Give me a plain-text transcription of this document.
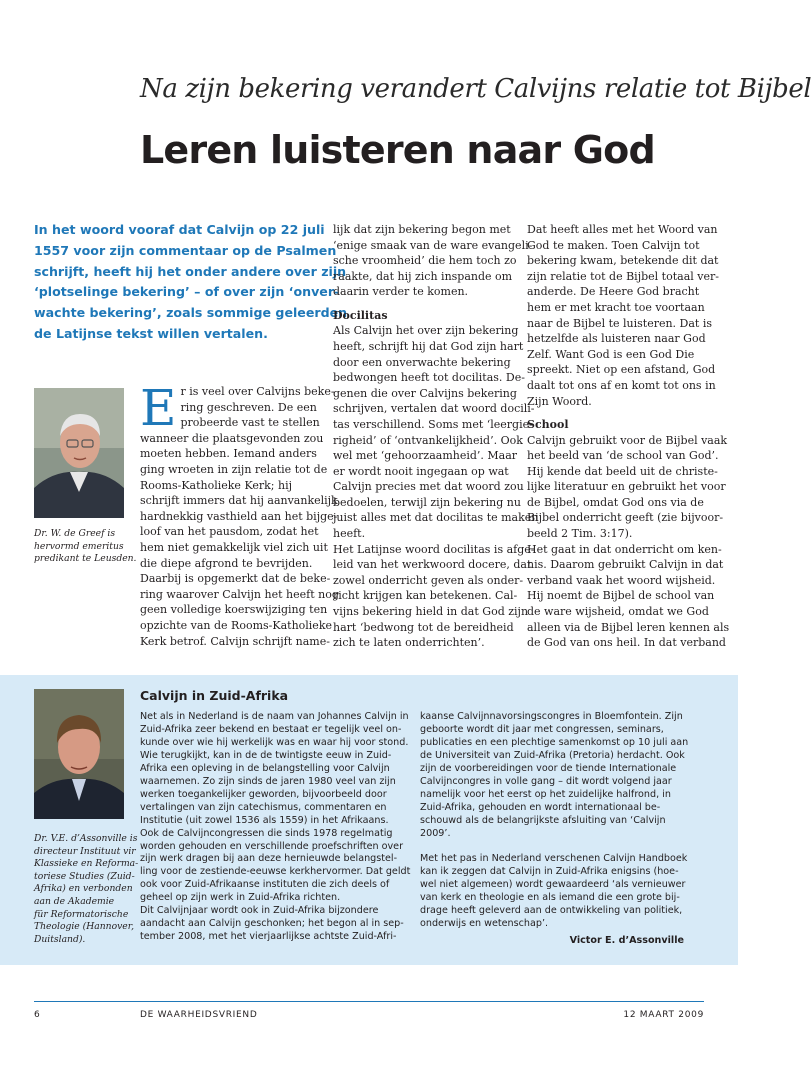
Na zijn bekering verandert Calvijns relatie tot Bijbel
Leren luisteren naar God
In het woord vooraf dat Calvijn op 22 juli
1557 voor zijn commentaar op de Psalmen
schrijft, heeft hij het onder andere over zijn
‘plotselinge bekering’ – of over zijn ‘onver-
wachte bekering’, zoals sommige geleerden
de Latijnse tekst willen vertalen.
Dr. W. de Greef is
hervormd emeritus
predikant te Leusden.
E r is veel over Calvijns beke-
ring geschreven. De een
probeerde vast te stellen
wanneer die plaatsgevonden zou
moeten hebben. Iemand anders
ging wroeten in zijn relatie tot de
Rooms-Katholieke Kerk; hij
schrijft immers dat hij aanvankelijk
hardnekkig vasthield aan het bijge-
loof van het pausdom, zodat het
hem niet gemakkelijk viel zich uit
die diepe afgrond te bevrijden.
Daarbij is opgemerkt dat de beke-
ring waarover Calvijn het heeft nog
geen volledige koerswijziging ten
opzichte van de Rooms-Katholieke
Kerk betrof. Calvijn schrijft name-
lijk dat zijn bekering begon met
‘enige smaak van de ware evangeli-
sche vroomheid’ die hem toch zo
raakte, dat hij zich inspande om
daarin verder te komen.
Docilitas
Als Calvijn het over zijn bekering
heeft, schrijft hij dat God zijn hart
door een onverwachte bekering
bedwongen heeft tot docilitas. De-
genen die over Calvijns bekering
schrijven, vertalen dat woord docili-
tas verschillend. Soms met ‘leergie-
righeid’ of ‘ontvankelijkheid’. Ook
wel met ‘gehoorzaamheid’. Maar
er wordt nooit ingegaan op wat
Calvijn precies met dat woord zou
bedoelen, terwijl zijn bekering nu
juist alles met dat docilitas te maken
heeft.
Het Latijnse woord docilitas is afge-
leid van het werkwoord docere, dat
zowel onderricht geven als onder-
richt krijgen kan betekenen. Cal-
vijns bekering hield in dat God zijn
hart ‘bedwong tot de bereidheid
zich te laten onderrichten’.
Dat heeft alles met het Woord van
God te maken. Toen Calvijn tot
bekering kwam, betekende dit dat
zijn relatie tot de Bijbel totaal ver-
anderde. De Heere God bracht
hem er met kracht toe voortaan
naar de Bijbel te luisteren. Dat is
hetzelfde als luisteren naar God
Zelf. Want God is een God Die
spreekt. Niet op een afstand, God
daalt tot ons af en komt tot ons in
Zijn Woord.
School
Calvijn gebruikt voor de Bijbel vaak
het beeld van ‘de school van God’.
Hij kende dat beeld uit de christe-
lijke literatuur en gebruikt het voor
de Bijbel, omdat God ons via de
Bijbel onderricht geeft (zie bijvoor-
beeld 2 Tim. 3:17).
Het gaat in dat onderricht om ken-
nis. Daarom gebruikt Calvijn in dat
verband vaak het woord wijsheid.
Hij noemt de Bijbel de school van
de ware wijsheid, omdat we God
alleen via de Bijbel leren kennen als
de God van ons heil. In dat verband
Dr. V.E. d’Assonville is
directeur Instituut vir
Klassieke en Reforma-
toriese Studies (Zuid-
Afrika) en verbonden
aan de Akademie
für Reformatorische
Theologie (Hannover,
Duitsland).
Calvijn in Zuid-Afrika
Net als in Nederland is de naam van Johannes Calvijn in
Zuid-Afrika zeer bekend en bestaat er tegelijk veel on-
kunde over wie hij werkelijk was en waar hij voor stond.
Wie terugkijkt, kan in de de twintigste eeuw in Zuid-
Afrika een opleving in de belangstelling voor Calvijn
waarnemen. Zo zijn sinds de jaren 1980 veel van zijn
werken toegankelijker geworden, bijvoorbeeld door
vertalingen van zijn catechismus, commentaren en
Institutie (uit zowel 1536 als 1559) in het Afrikaans.
Ook de Calvijncongressen die sinds 1978 regelmatig
worden gehouden en verschillende proefschriften over
zijn werk dragen bij aan deze hernieuwde belangstel-
ling voor de zestiende-eeuwse kerkhervormer. Dat geldt
ook voor Zuid-Afrikaanse instituten die zich deels of
geheel op zijn werk in Zuid-Afrika richten.
Dit Calvijnjaar wordt ook in Zuid-Afrika bijzondere
aandacht aan Calvijn geschonken; het begon al in sep-
tember 2008, met het vierjaarlijkse achtste Zuid-Afri-
kaanse Calvijnnavorsingscongres in Bloemfontein. Zijn
geboorte wordt dit jaar met congressen, seminars,
publicaties en een plechtige samenkomst op 10 juli aan
de Universiteit van Zuid-Afrika (Pretoria) herdacht. Ook
zijn de voorbereidingen voor de tiende Internationale
Calvijncongres in volle gang – dit wordt volgend jaar
namelijk voor het eerst op het zuidelijke halfrond, in
Zuid-Afrika, gehouden en wordt internationaal be-
schouwd als de belangrijkste afsluiting van ‘Calvijn
2009’.
Met het pas in Nederland verschenen Calvijn Handboek
kan ik zeggen dat Calvijn in Zuid-Afrika enigsins (hoe-
wel niet algemeen) wordt gewaardeerd ‘als vernieuwer
van kerk en theologie en als iemand die een grote bij-
drage heeft geleverd aan de ontwikkeling van politiek,
onderwijs en wetenschap’.
Victor E. d’Assonville
6	DE WAARHEIDSVRIEND	12 MAART 2009
